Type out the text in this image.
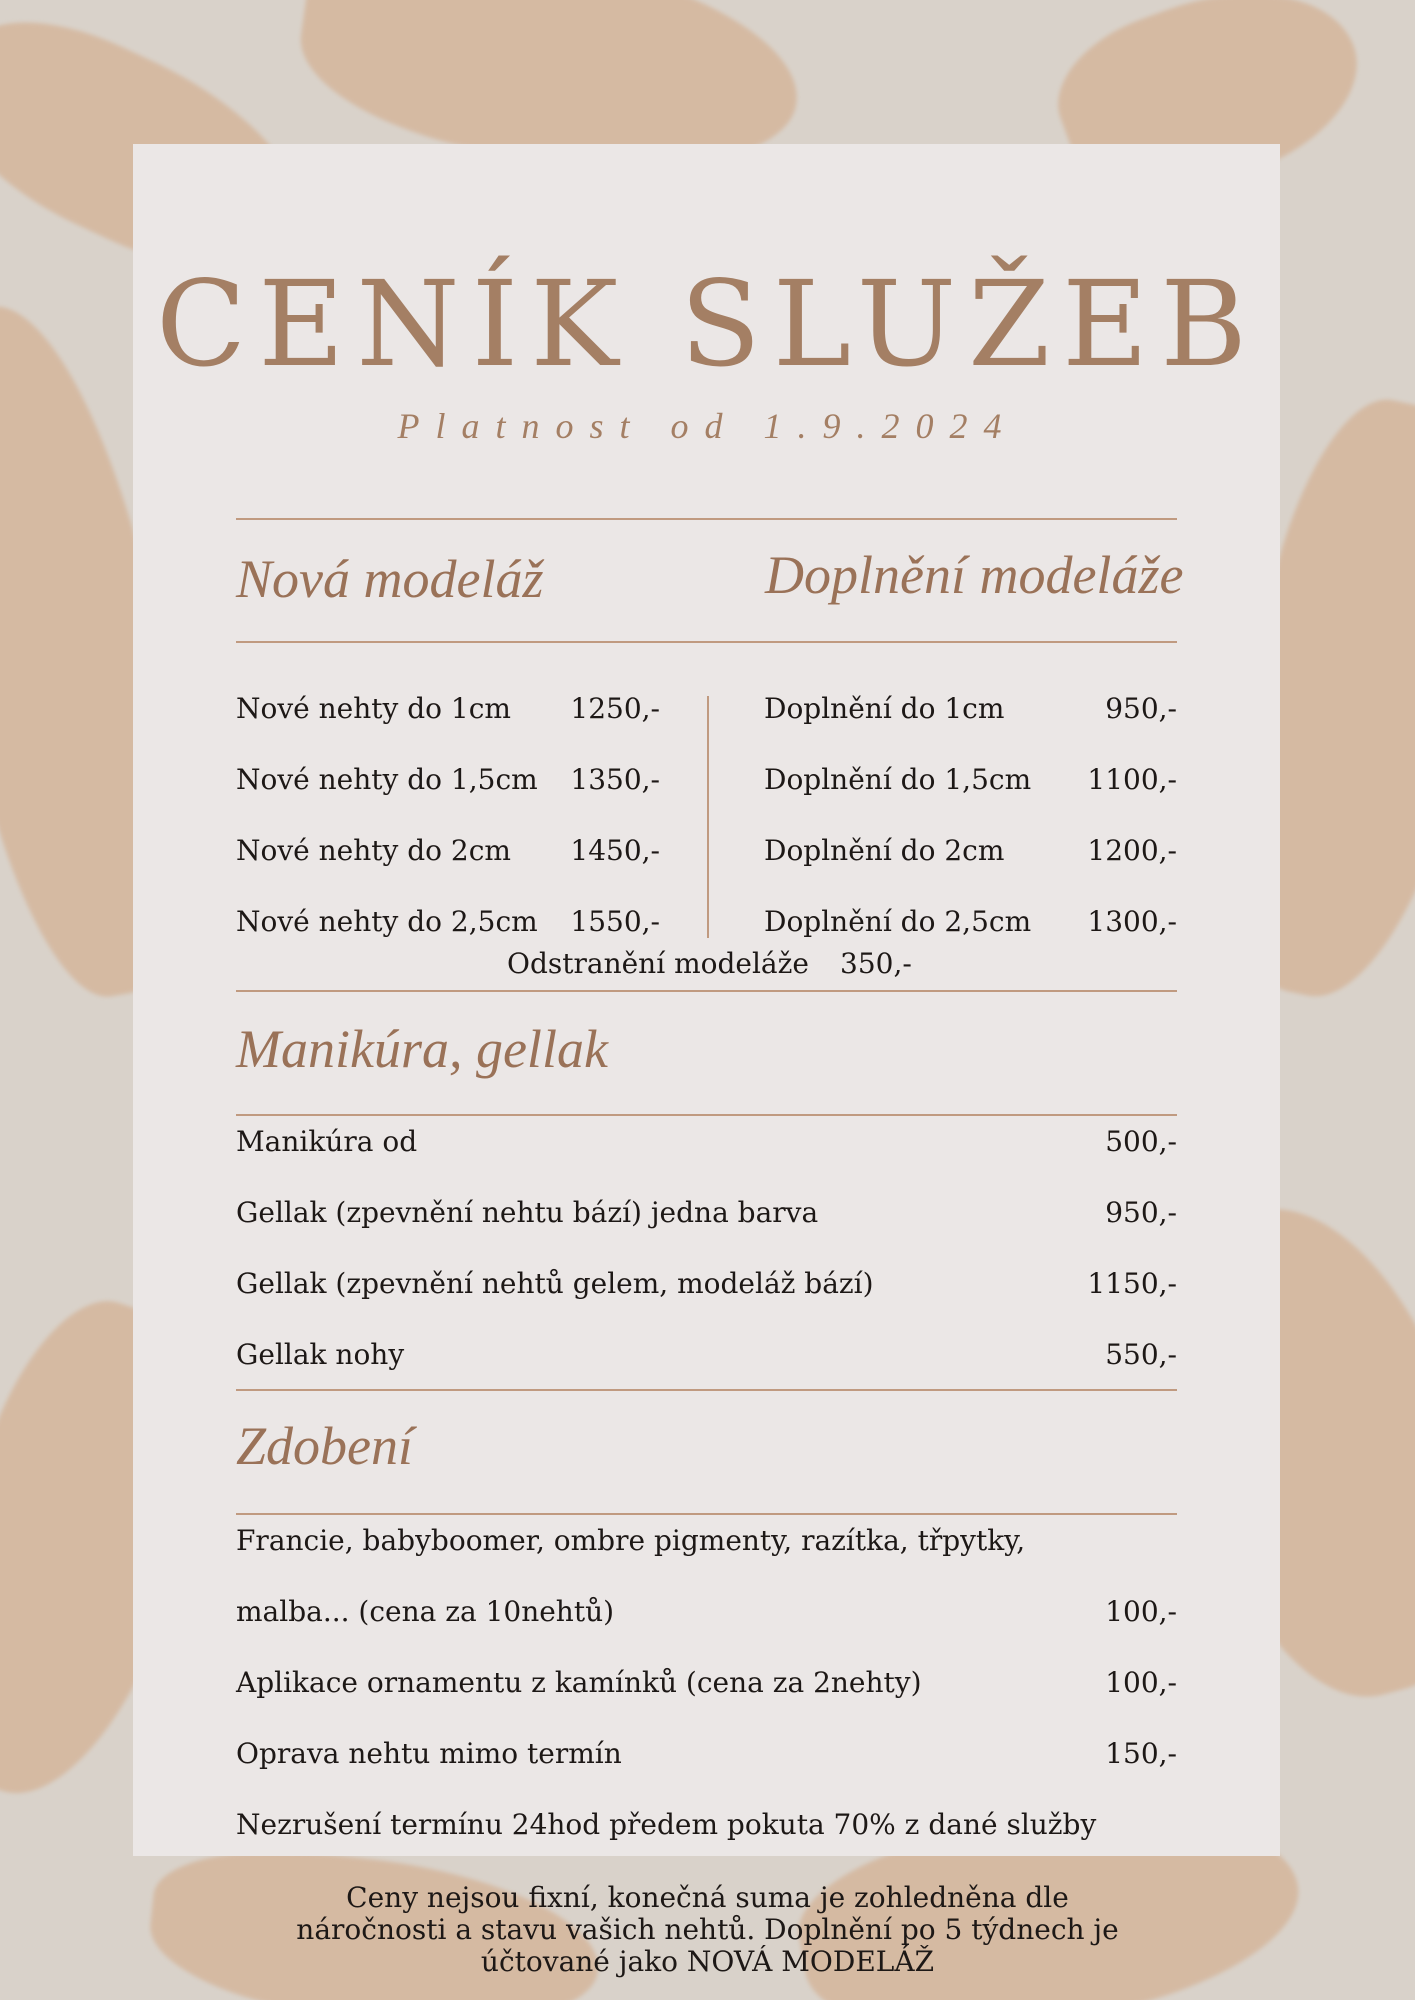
CENÍK SLUŽEB
Platnost od 1.9.2024
Nová modeláž	Doplnění modeláže
Nové nehty do 1cm	1250,-
Nové nehty do 1,5cm	1350,-
Nové nehty do 2cm	1450,-
Nové nehty do 2,5cm	1550,-
Doplnění do 1cm	950,-
Doplnění do 1,5cm	1100,-
Doplnění do 2cm	1200,-
Doplnění do 2,5cm	1300,-
Odstranění modeláže 350,-
Manikúra, gellak
Manikúra od	500,-
Gellak (zpevnění nehtu bází) jedna barva	950,-
Gellak (zpevnění nehtů gelem, modeláž bází)	1150,-
Gellak nohy	550,-
Zdobení
Francie, babyboomer, ombre pigmenty, razítka, třpytky,
malba... (cena za 10nehtů)	100,-
Aplikace ornamentu z kamínků (cena za 2nehty)	100,-
Oprava nehtu mimo termín	150,-
Nezrušení termínu 24hod předem pokuta 70% z dané služby
Ceny nejsou fixní, konečná suma je zohledněna dle
náročnosti a stavu vašich nehtů. Doplnění po 5 týdnech je
účtované jako NOVÁ MODELÁŽ
